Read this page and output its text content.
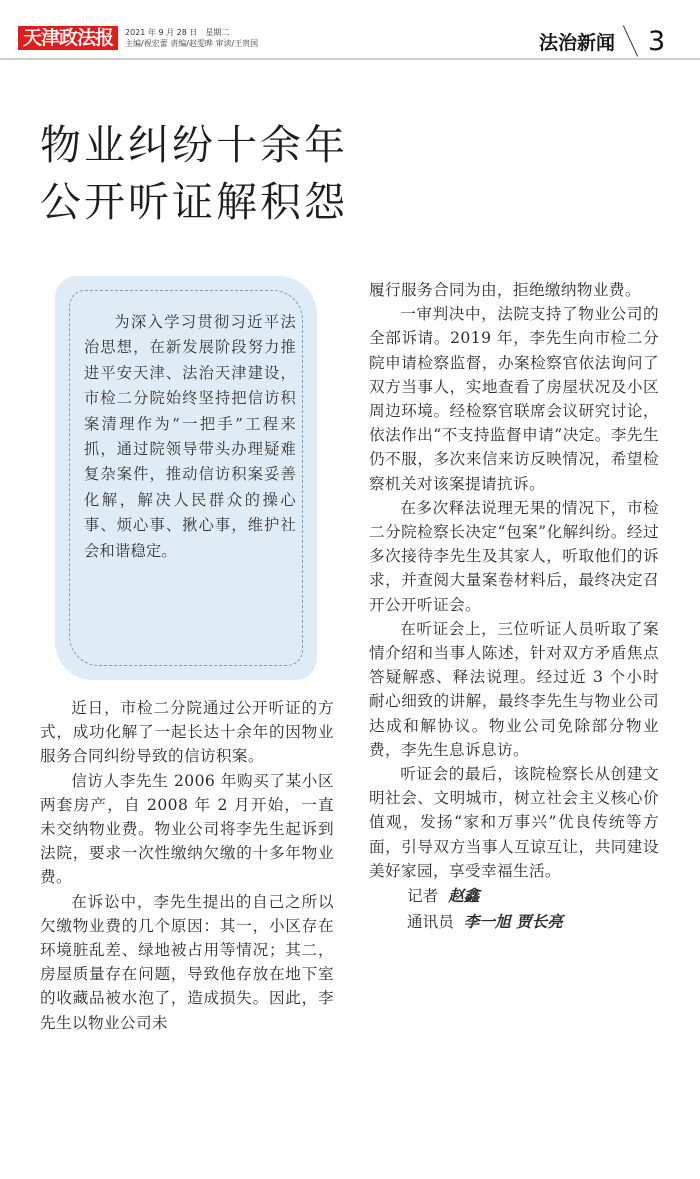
天津政法报	2021 年 9 月 28 日　星期二
主编/祝宏蕾 责编/赵雯晔 审读/王贵国	法治新闻 3
物业纠纷十余年
公开听证解积怨

为深入学习贯彻习近平法治思想，在新发展阶段努力推进平安天津、法治天津建设，市检二分院始终坚持把信访积案清理作为“一把手”工程来抓，通过院领导带头办理疑难复杂案件，推动信访积案妥善化解，解决人民群众的操心事、烦心事、揪心事，维护社会和谐稳定。

近日，市检二分院通过公开听证的方式，成功化解了一起长达十余年的因物业服务合同纠纷导致的信访积案。

信访人李先生 2006 年购买了某小区两套房产，自 2008 年 2 月开始，一直未交纳物业费。物业公司将李先生起诉到法院，要求一次性缴纳欠缴的十多年物业费。

在诉讼中，李先生提出的自己之所以欠缴物业费的几个原因：其一，小区存在环境脏乱差、绿地被占用等情况；其二，房屋质量存在问题，导致他存放在地下室的收藏品被水泡了，造成损失。因此，李先生以物业公司未

履行服务合同为由，拒绝缴纳物业费。

一审判决中，法院支持了物业公司的全部诉请。2019 年，李先生向市检二分院申请检察监督，办案检察官依法询问了双方当事人，实地查看了房屋状况及小区周边环境。经检察官联席会议研究讨论，依法作出“不支持监督申请”决定。李先生仍不服，多次来信来访反映情况，希望检察机关对该案提请抗诉。

在多次释法说理无果的情况下，市检二分院检察长决定“包案”化解纠纷。经过多次接待李先生及其家人，听取他们的诉求，并查阅大量案卷材料后，最终决定召开公开听证会。

在听证会上，三位听证人员听取了案情介绍和当事人陈述，针对双方矛盾焦点答疑解惑、释法说理。经过近 3 个小时耐心细致的讲解，最终李先生与物业公司达成和解协议。物业公司免除部分物业费，李先生息诉息访。

听证会的最后，该院检察长从创建文明社会、文明城市，树立社会主义核心价值观，发扬“家和万事兴”优良传统等方面，引导双方当事人互谅互让，共同建设美好家园，享受幸福生活。

记者 赵鑫
通讯员 李一旭 贾长亮
